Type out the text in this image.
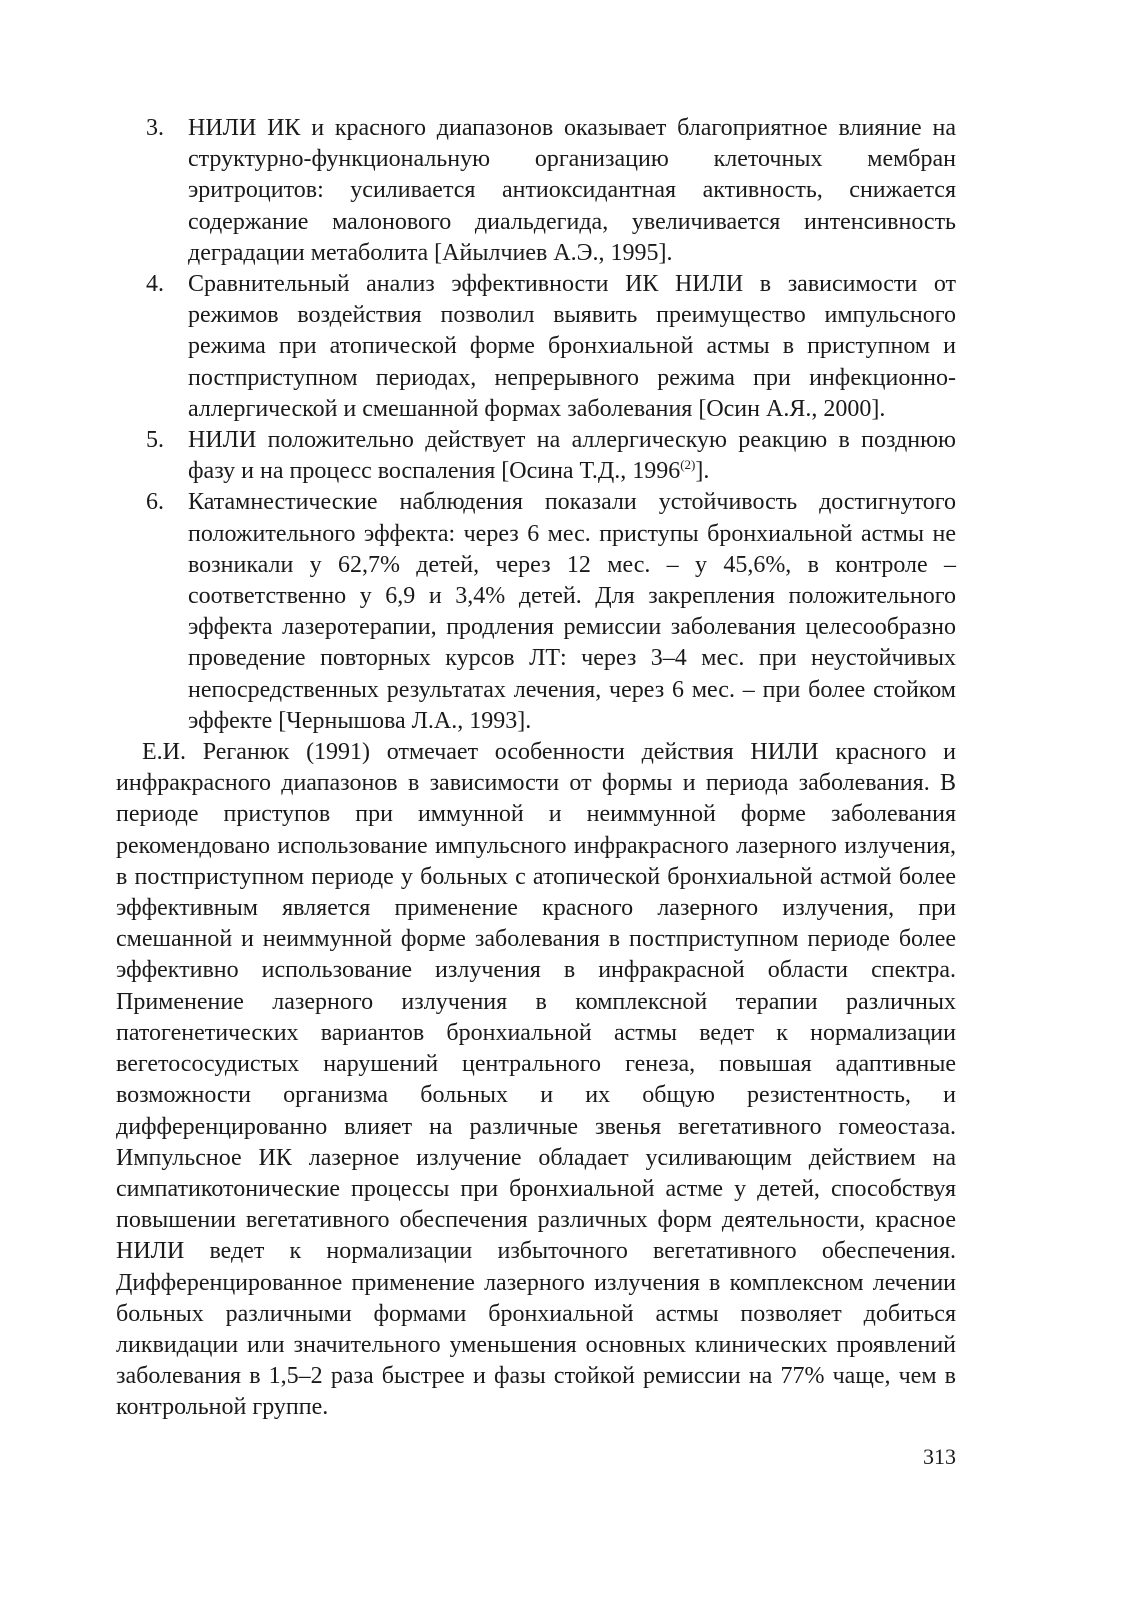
3. НИЛИ ИК и красного диапазонов оказывает благоприятное влияние на структурно-функциональную организацию клеточных мембран эритроцитов: усиливается антиоксидантная активность, снижается содержание малонового диальдегида, увеличивается интенсивность деградации метаболита [Айылчиев А.Э., 1995].
4. Сравнительный анализ эффективности ИК НИЛИ в зависимости от режимов воздействия позволил выявить преимущество импульсного режима при атопической форме бронхиальной астмы в приступном и постприступном периодах, непрерывного режима при инфекционно-аллергической и смешанной формах заболевания [Осин А.Я., 2000].
5. НИЛИ положительно действует на аллергическую реакцию в позднюю фазу и на процесс воспаления [Осина Т.Д., 1996$^{(2)}$].
6. Катамнестические наблюдения показали устойчивость достигнутого положительного эффекта: через 6 мес. приступы бронхиальной астмы не возникали у 62,7% детей, через 12 мес. – у 45,6%, в контроле – соответственно у 6,9 и 3,4% детей. Для закрепления положительного эффекта лазеротерапии, продления ремиссии заболевания целесообразно проведение повторных курсов ЛТ: через 3–4 мес. при неустойчивых непосредственных результатах лечения, через 6 мес. – при более стойком эффекте [Чернышова Л.А., 1993].

Е.И. Реганюк (1991) отмечает особенности действия НИЛИ красного и инфракрасного диапазонов в зависимости от формы и периода заболевания. В периоде приступов при иммунной и неиммунной форме заболевания рекомендовано использование импульсного инфракрасного лазерного излучения, в постприступном периоде у больных с атопической бронхиальной астмой более эффективным является применение красного лазерного излучения, при смешанной и неиммунной форме заболевания в постприступном периоде более эффективно использование излучения в инфракрасной области спектра. Применение лазерного излучения в комплексной терапии различных патогенетических вариантов бронхиальной астмы ведет к нормализации вегетососудистых нарушений центрального генеза, повышая адаптивные возможности организма больных и их общую резистентность, и дифференцированно влияет на различные звенья вегетативного гомеостаза. Импульсное ИК лазерное излучение обладает усиливающим действием на симпатикотонические процессы при бронхиальной астме у детей, способствуя повышении вегетативного обеспечения различных форм деятельности, красное НИЛИ ведет к нормализации избыточного вегетативного обеспечения. Дифференцированное применение лазерного излучения в комплексном лечении больных различными формами бронхиальной астмы позволяет добиться ликвидации или значительного уменьшения основных клинических проявлений заболевания в 1,5–2 раза быстрее и фазы стойкой ремиссии на 77% чаще, чем в контрольной группе.

313
